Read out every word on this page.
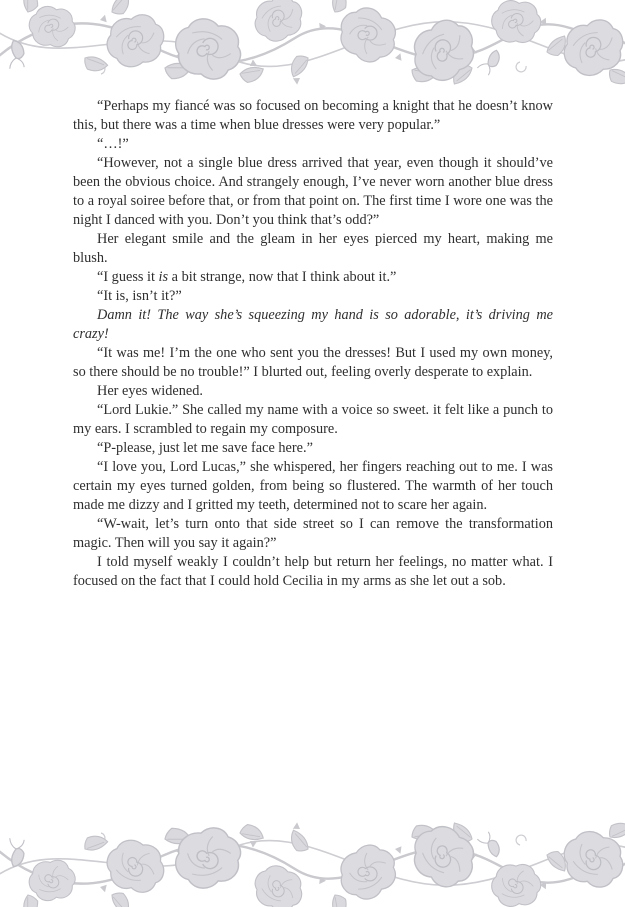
“Perhaps my fiancé was so focused on becoming a knight that he doesn’t know this, but there was a time when blue dresses were very popular.”

“…!”

“However, not a single blue dress arrived that year, even though it should’ve been the obvious choice. And strangely enough, I’ve never worn another blue dress to a royal soiree before that, or from that point on. The first time I wore one was the night I danced with you. Don’t you think that’s odd?”

Her elegant smile and the gleam in her eyes pierced my heart, making me blush.

“I guess it is a bit strange, now that I think about it.”

“It is, isn’t it?”

Damn it! The way she’s squeezing my hand is so adorable, it’s driving me crazy!

“It was me! I’m the one who sent you the dresses! But I used my own money, so there should be no trouble!” I blurted out, feeling overly desperate to explain.

Her eyes widened.

“Lord Lukie.” She called my name with a voice so sweet. it felt like a punch to my ears. I scrambled to regain my composure.

“P-please, just let me save face here.”

“I love you, Lord Lucas,” she whispered, her fingers reaching out to me. I was certain my eyes turned golden, from being so flustered. The warmth of her touch made me dizzy and I gritted my teeth, determined not to scare her again.

“W-wait, let’s turn onto that side street so I can remove the transformation magic. Then will you say it again?”

I told myself weakly I couldn’t help but return her feelings, no matter what. I focused on the fact that I could hold Cecilia in my arms as she let out a sob.
